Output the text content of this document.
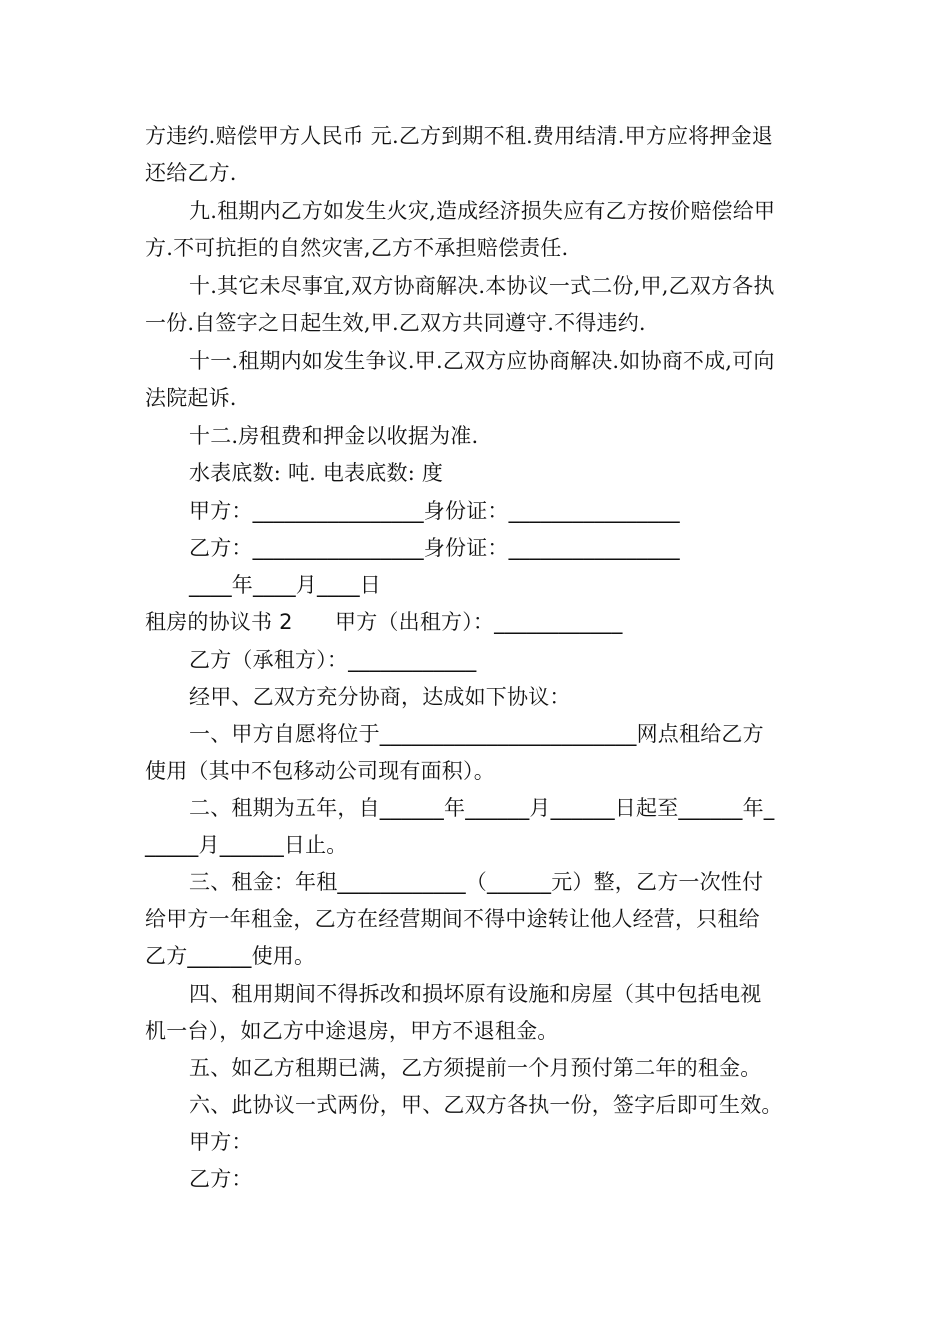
方违约.赔偿甲方人民币 元.乙方到期不租.费用结清.甲方应将押金退
还给乙方.
九.租期内乙方如发生火灾,造成经济损失应有乙方按价赔偿给甲
方.不可抗拒的自然灾害,乙方不承担赔偿责任.
十.其它未尽事宜,双方协商解决.本协议一式二份,甲,乙双方各执
一份.自签字之日起生效,甲.乙双方共同遵守.不得违约.
十一.租期内如发生争议.甲.乙双方应协商解决.如协商不成,可向
法院起诉.
十二.房租费和押金以收据为准.
水表底数: 吨. 电表底数: 度
甲方：________________身份证：________________
乙方：________________身份证：________________
____年____月____日
租房的协议书 2　　甲方（出租方）：____________
乙方（承租方）：____________
经甲、乙双方充分协商，达成如下协议：
一、甲方自愿将位于________________________网点租给乙方
使用（其中不包移动公司现有面积）。
二、租期为五年，自______年______月______日起至______年_
_____月______日止。
三、租金：年租____________（______元）整，乙方一次性付
给甲方一年租金，乙方在经营期间不得中途转让他人经营，只租给
乙方______使用。
四、租用期间不得拆改和损坏原有设施和房屋（其中包括电视
机一台），如乙方中途退房，甲方不退租金。
五、如乙方租期已满，乙方须提前一个月预付第二年的租金。
六、此协议一式两份，甲、乙双方各执一份，签字后即可生效。
甲方：
乙方：
